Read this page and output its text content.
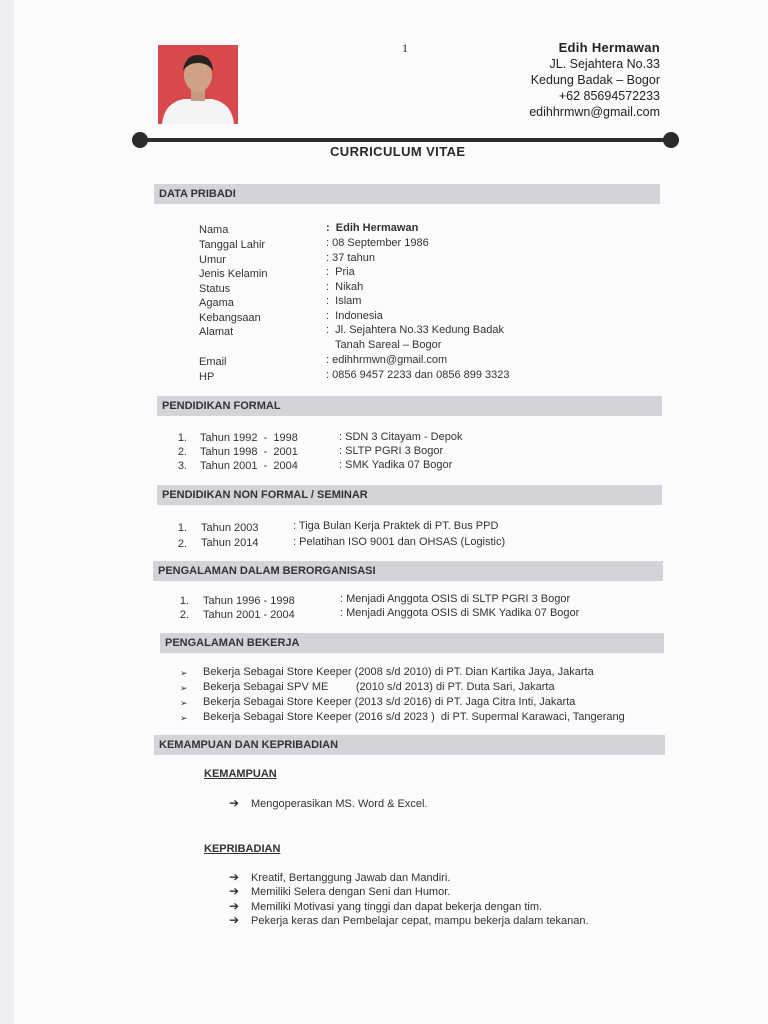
1	Edih Hermawan
JL. Sejahtera No.33
Kedung Badak – Bogor
+62 85694572233
edihhrmwn@gmail.com
CURRICULUM VITAE
DATA PRIBADI
Nama	:  Edih Hermawan
Tanggal Lahir	: 08 September 1986
Umur	: 37 tahun
Jenis Kelamin	:  Pria
Status	:  Nikah
Agama	:  Islam
Kebangsaan	:  Indonesia
Alamat	:  Jl. Sejahtera No.33 Kedung Badak
Tanah Sareal – Bogor
Email	: edihhrmwn@gmail.com
HP	: 0856 9457 2233 dan 0856 899 3323
PENDIDIKAN FORMAL
1. Tahun 1992  -  1998	: SDN 3 Citayam - Depok
2. Tahun 1998  -  2001	: SLTP PGRI 3 Bogor
3. Tahun 2001  -  2004	: SMK Yadika 07 Bogor
PENDIDIKAN NON FORMAL / SEMINAR
1. Tahun 2003	: Tiga Bulan Kerja Praktek di PT. Bus PPD
2. Tahun 2014	: Pelatihan ISO 9001 dan OHSAS (Logistic)
PENGALAMAN DALAM BERORGANISASI
1. Tahun 1996 - 1998	: Menjadi Anggota OSIS di SLTP PGRI 3 Bogor
2. Tahun 2001 - 2004	: Menjadi Anggota OSIS di SMK Yadika 07 Bogor
PENGALAMAN BEKERJA
➢ Bekerja Sebagai Store Keeper (2008 s/d 2010) di PT. Dian Kartika Jaya, Jakarta
➢ Bekerja Sebagai SPV ME         (2010 s/d 2013) di PT. Duta Sari, Jakarta
➢ Bekerja Sebagai Store Keeper (2013 s/d 2016) di PT. Jaga Citra Inti, Jakarta
➢ Bekerja Sebagai Store Keeper (2016 s/d 2023 )  di PT. Supermal Karawaci, Tangerang
KEMAMPUAN DAN KEPRIBADIAN
KEMAMPUAN
➔ Mengoperasikan MS. Word & Excel.
KEPRIBADIAN
➔ Kreatif, Bertanggung Jawab dan Mandiri.
➔ Memiliki Selera dengan Seni dan Humor.
➔ Memiliki Motivasi yang tinggi dan dapat bekerja dengan tim.
➔ Pekerja keras dan Pembelajar cepat, mampu bekerja dalam tekanan.
